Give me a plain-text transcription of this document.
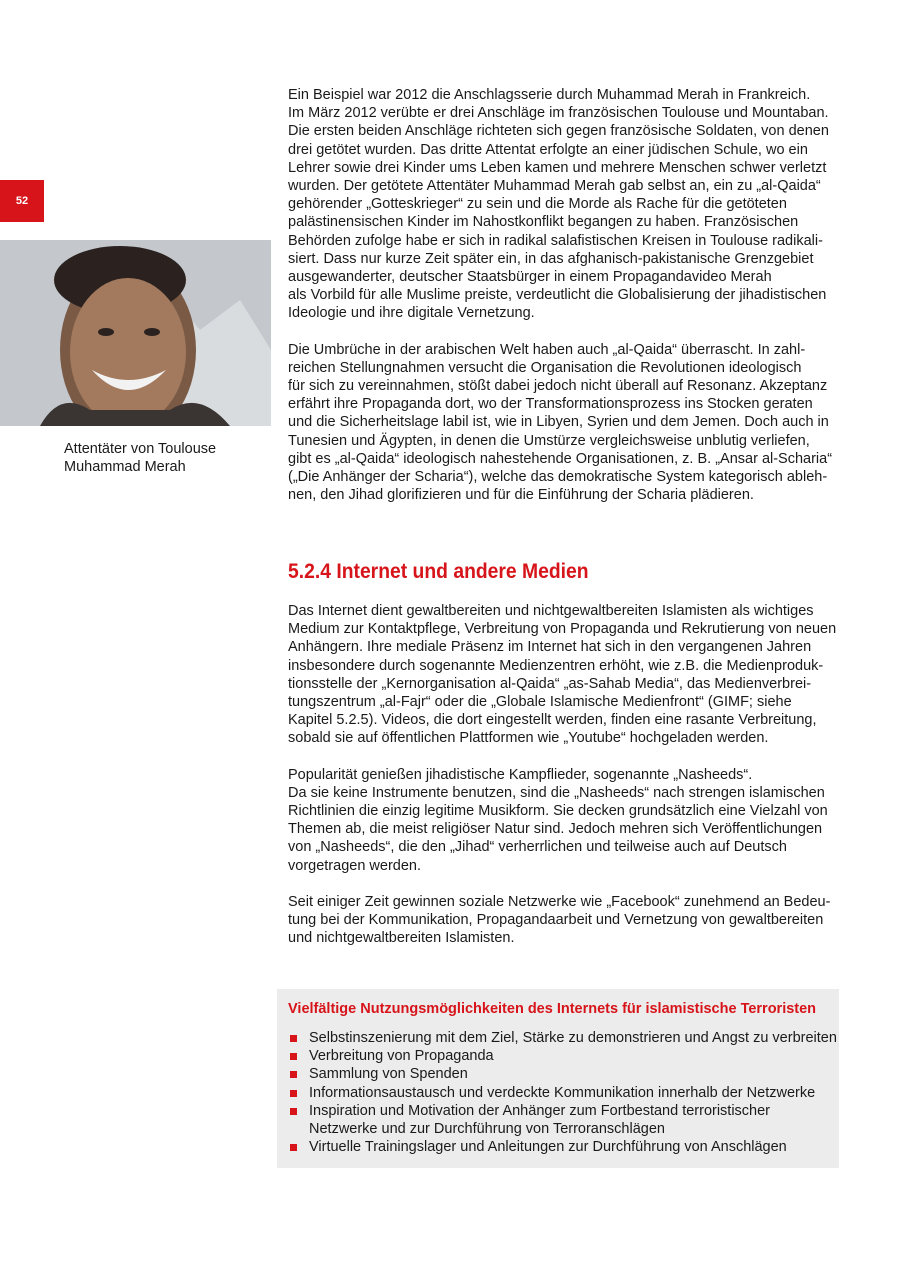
52
Attentäter von Toulouse
Muhammad Merah

Ein Beispiel war 2012 die Anschlagsserie durch Muhammad Merah in Frankreich.
Im März 2012 verübte er drei Anschläge im französischen Toulouse und Mountaban.
Die ersten beiden Anschläge richteten sich gegen französische Soldaten, von denen
drei getötet wurden. Das dritte Attentat erfolgte an einer jüdischen Schule, wo ein
Lehrer sowie drei Kinder ums Leben kamen und mehrere Menschen schwer verletzt
wurden. Der getötete Attentäter Muhammad Merah gab selbst an, ein zu „al-Qaida“
gehörender „Gotteskrieger“ zu sein und die Morde als Rache für die getöteten
palästinensischen Kinder im Nahostkonflikt begangen zu haben. Französischen
Behörden zufolge habe er sich in radikal salafistischen Kreisen in Toulouse radikali-
siert. Dass nur kurze Zeit später ein, in das afghanisch-pakistanische Grenzgebiet
ausgewanderter, deutscher Staatsbürger in einem Propagandavideo Merah
als Vorbild für alle Muslime preiste, verdeutlicht die Globalisierung der jihadistischen
Ideologie und ihre digitale Vernetzung.

Die Umbrüche in der arabischen Welt haben auch „al-Qaida“ überrascht. In zahl-
reichen Stellungnahmen versucht die Organisation die Revolutionen ideologisch
für sich zu vereinnahmen, stößt dabei jedoch nicht überall auf Resonanz. Akzeptanz
erfährt ihre Propaganda dort, wo der Transformationsprozess ins Stocken geraten
und die Sicherheitslage labil ist, wie in Libyen, Syrien und dem Jemen. Doch auch in
Tunesien und Ägypten, in denen die Umstürze vergleichsweise unblutig verliefen,
gibt es „al-Qaida“ ideologisch nahestehende Organisationen, z. B. „Ansar al-Scharia“
(„Die Anhänger der Scharia“), welche das demokratische System kategorisch ableh-
nen, den Jihad glorifizieren und für die Einführung der Scharia plädieren.

5.2.4 Internet und andere Medien

Das Internet dient gewaltbereiten und nichtgewaltbereiten Islamisten als wichtiges
Medium zur Kontaktpflege, Verbreitung von Propaganda und Rekrutierung von neuen
Anhängern. Ihre mediale Präsenz im Internet hat sich in den vergangenen Jahren
insbesondere durch sogenannte Medienzentren erhöht, wie z.B. die Medienproduk-
tionsstelle der „Kernorganisation al-Qaida“ „as-Sahab Media“, das Medienverbrei-
tungszentrum „al-Fajr“ oder die „Globale Islamische Medienfront“ (GIMF; siehe
Kapitel 5.2.5). Videos, die dort eingestellt werden, finden eine rasante Verbreitung,
sobald sie auf öffentlichen Plattformen wie „Youtube“ hochgeladen werden.

Popularität genießen jihadistische Kampflieder, sogenannte „Nasheeds“.
Da sie keine Instrumente benutzen, sind die „Nasheeds“ nach strengen islamischen
Richtlinien die einzig legitime Musikform. Sie decken grundsätzlich eine Vielzahl von
Themen ab, die meist religiöser Natur sind. Jedoch mehren sich Veröffentlichungen
von „Nasheeds“, die den „Jihad“ verherrlichen und teilweise auch auf Deutsch
vorgetragen werden.

Seit einiger Zeit gewinnen soziale Netzwerke wie „Facebook“ zunehmend an Bedeu-
tung bei der Kommunikation, Propagandaarbeit und Vernetzung von gewaltbereiten
und nichtgewaltbereiten Islamisten.

Vielfältige Nutzungsmöglichkeiten des Internets für islamistische Terroristen
Selbstinszenierung mit dem Ziel, Stärke zu demonstrieren und Angst zu verbreiten
Verbreitung von Propaganda
Sammlung von Spenden
Informationsaustausch und verdeckte Kommunikation innerhalb der Netzwerke
Inspiration und Motivation der Anhänger zum Fortbestand terroristischer
Netzwerke und zur Durchführung von Terroranschlägen
Virtuelle Trainingslager und Anleitungen zur Durchführung von Anschlägen
